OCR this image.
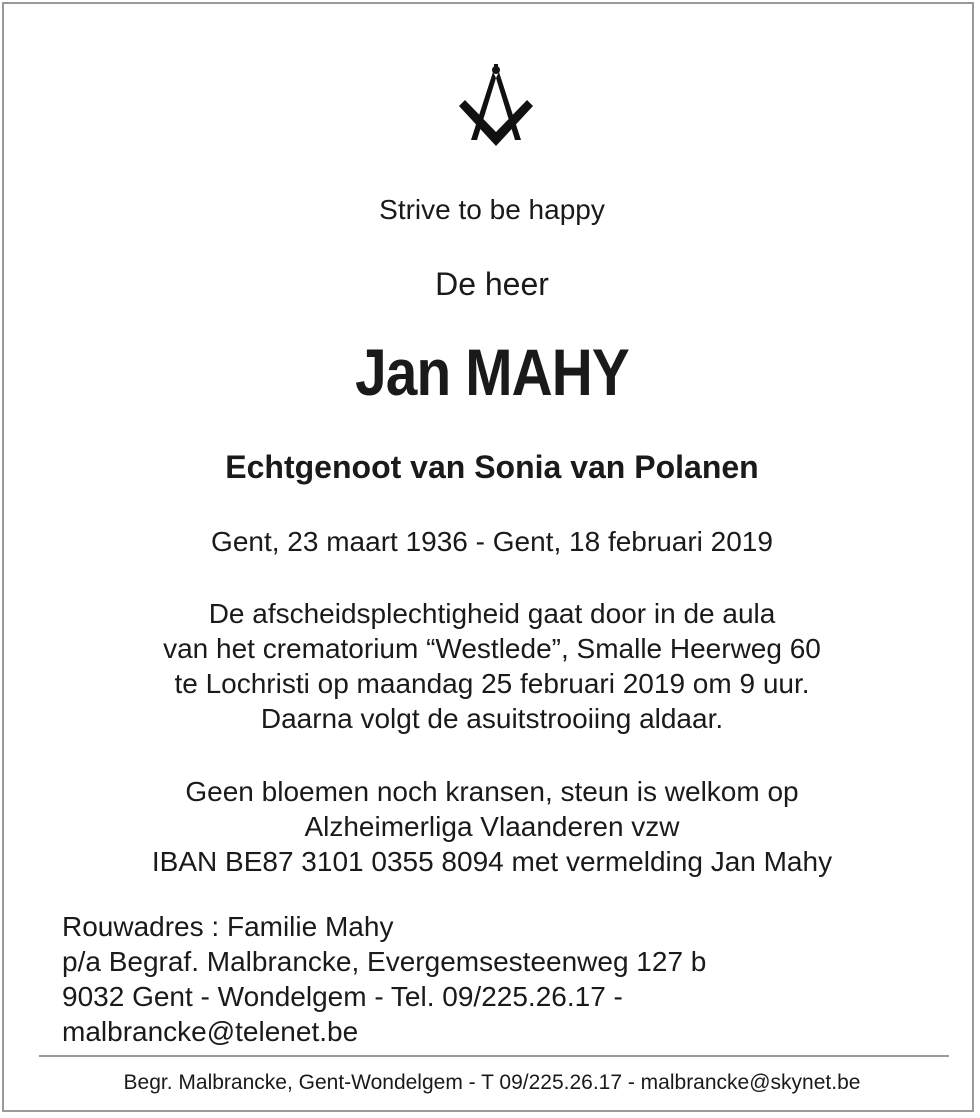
Strive to be happy
De heer
Jan MAHY
Echtgenoot van Sonia van Polanen
Gent, 23 maart 1936 - Gent, 18 februari 2019
De afscheidsplechtigheid gaat door in de aula
van het crematorium “Westlede”, Smalle Heerweg 60
te Lochristi op maandag 25 februari 2019 om 9 uur.
Daarna volgt de asuitstrooiing aldaar.
Geen bloemen noch kransen, steun is welkom op
Alzheimerliga Vlaanderen vzw
IBAN BE87 3101 0355 8094 met vermelding Jan Mahy
Rouwadres : Familie Mahy
p/a Begraf. Malbrancke, Evergemsesteenweg 127 b
9032 Gent - Wondelgem - Tel. 09/225.26.17 -
malbrancke@telenet.be
Begr. Malbrancke, Gent-Wondelgem - T 09/225.26.17 - malbrancke@skynet.be
